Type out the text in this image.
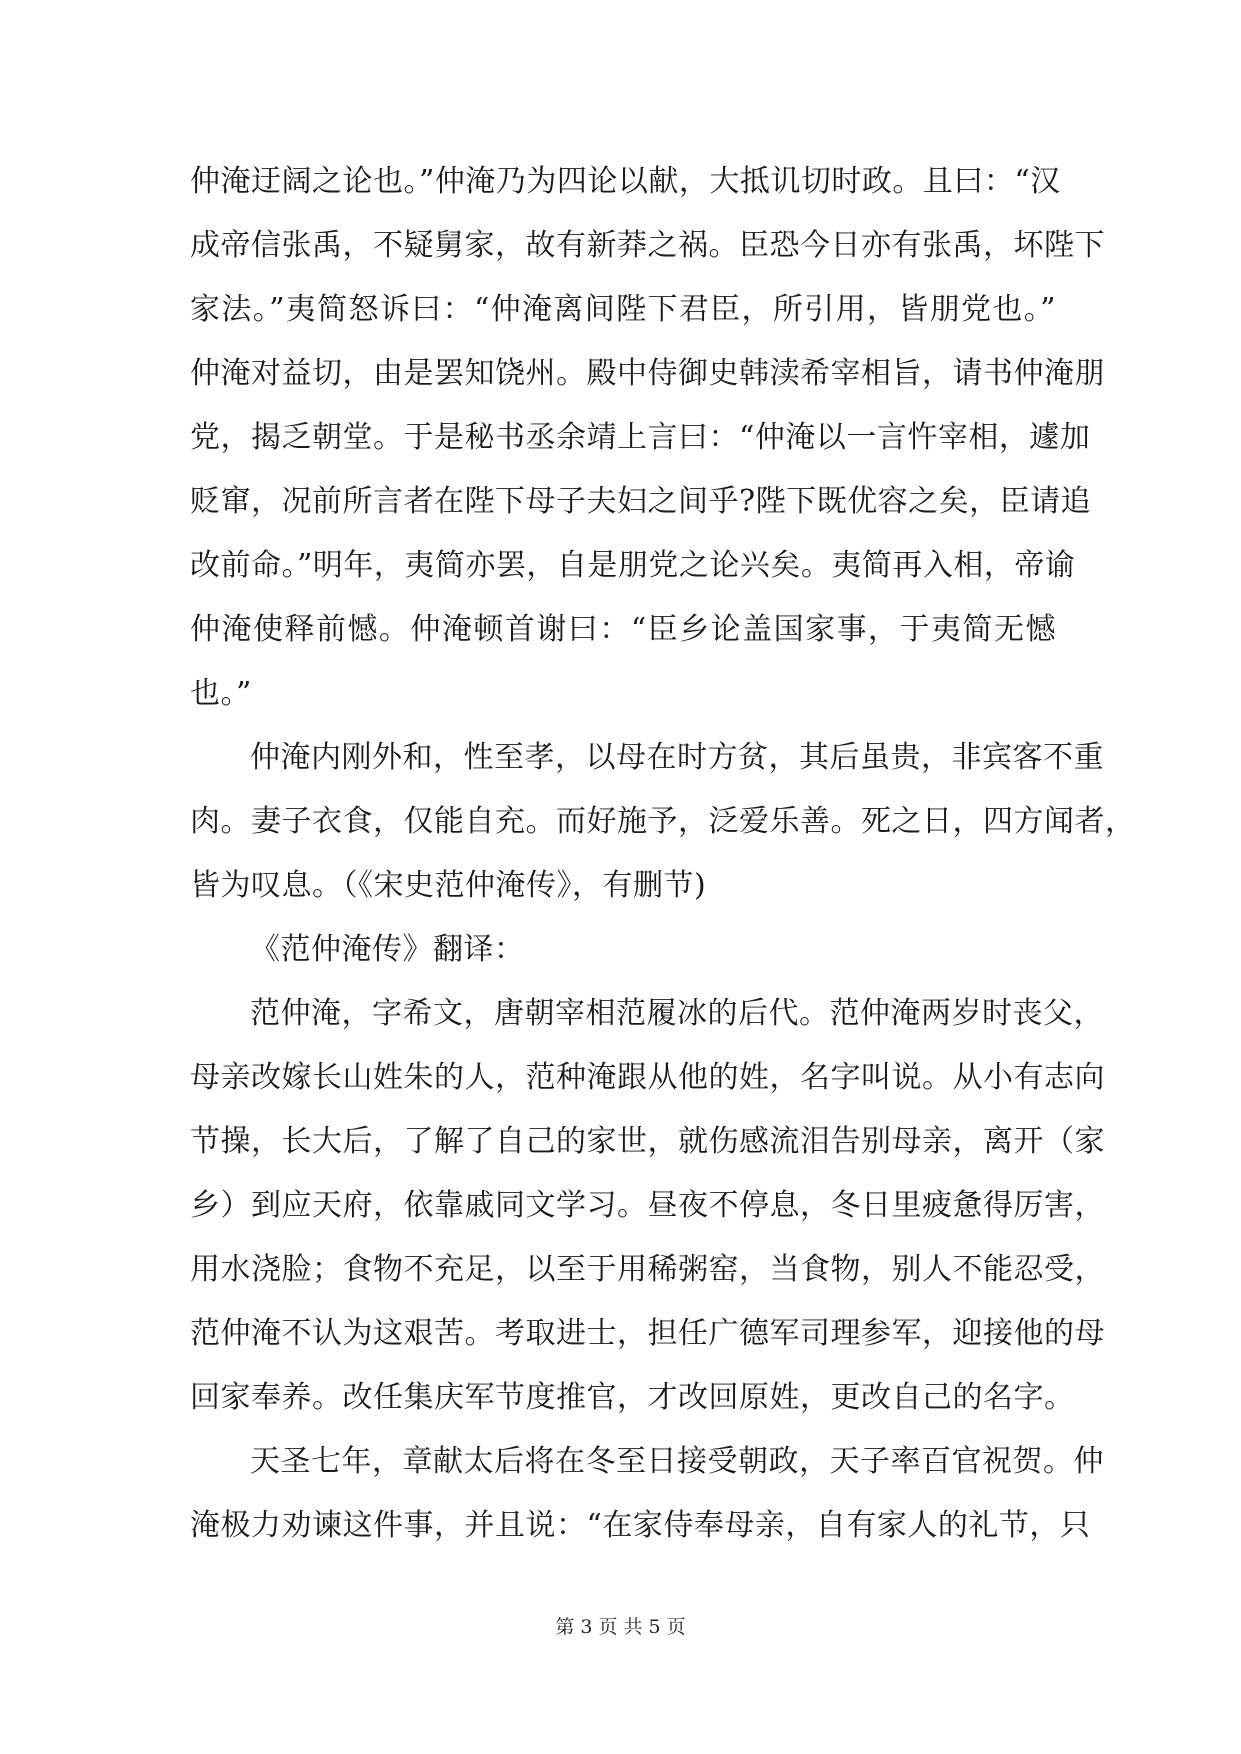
仲淹迂阔之论也。”仲淹乃为四论以献，大抵讥切时政。且曰：“汉
成帝信张禹，不疑舅家，故有新莽之祸。臣恐今日亦有张禹，坏陛下
家法。”夷简怒诉曰：“仲淹离间陛下君臣，所引用，皆朋党也。”
仲淹对益切，由是罢知饶州。殿中侍御史韩渎希宰相旨，请书仲淹朋
党，揭乏朝堂。于是秘书丞余靖上言曰：“仲淹以一言忤宰相，遽加
贬窜，况前所言者在陛下母子夫妇之间乎?陛下既优容之矣，臣请追
改前命。”明年，夷简亦罢，自是朋党之论兴矣。夷简再入相，帝谕
仲淹使释前憾。仲淹顿首谢曰：“臣乡论盖国家事，于夷简无憾
也。”
仲淹内刚外和，性至孝，以母在时方贫，其后虽贵，非宾客不重
肉。妻子衣食，仅能自充。而好施予，泛爱乐善。死之日，四方闻者，
皆为叹息。（《宋史范仲淹传》，有删节)
《范仲淹传》翻译：
范仲淹，字希文，唐朝宰相范履冰的后代。范仲淹两岁时丧父，
母亲改嫁长山姓朱的人，范种淹跟从他的姓，名字叫说。从小有志向
节操，长大后，了解了自己的家世，就伤感流泪告别母亲，离开（家
乡）到应天府，依靠戚同文学习。昼夜不停息，冬日里疲惫得厉害，
用水浇脸；食物不充足，以至于用稀粥窑，当食物，别人不能忍受，
范仲淹不认为这艰苦。考取进士，担任广德军司理参军，迎接他的母
回家奉养。改任集庆军节度推官，才改回原姓，更改自己的名字。
天圣七年，章献太后将在冬至日接受朝政，天子率百官祝贺。仲
淹极力劝谏这件事，并且说：“在家侍奉母亲，自有家人的礼节，只
第 3 页 共 5 页
